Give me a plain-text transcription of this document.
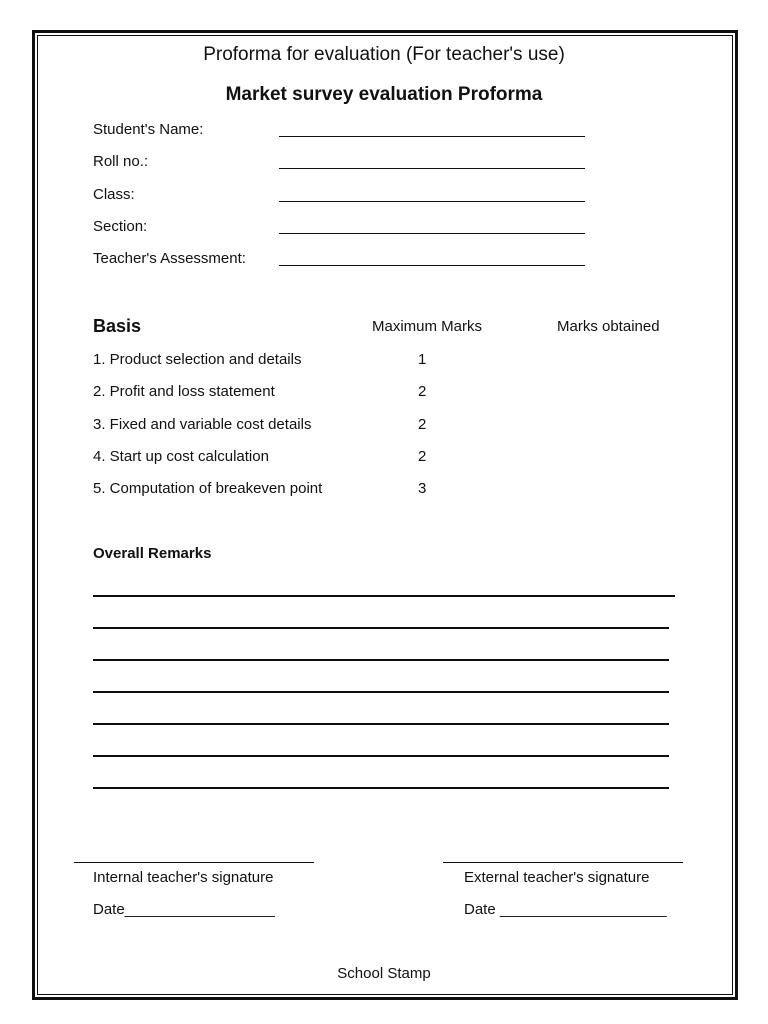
Proforma for evaluation (For teacher's use)
Market survey evaluation Proforma
Student's Name:
Roll no.:
Class:
Section:
Teacher's Assessment:
Basis	Maximum Marks	Marks obtained
1. Product selection and details	1
2. Profit and loss statement	2
3. Fixed and variable cost details	2
4. Start up cost calculation	2
5. Computation of breakeven point	3
Overall Remarks
Internal teacher's signature	External teacher's signature
Date__________________	Date ____________________
School Stamp
